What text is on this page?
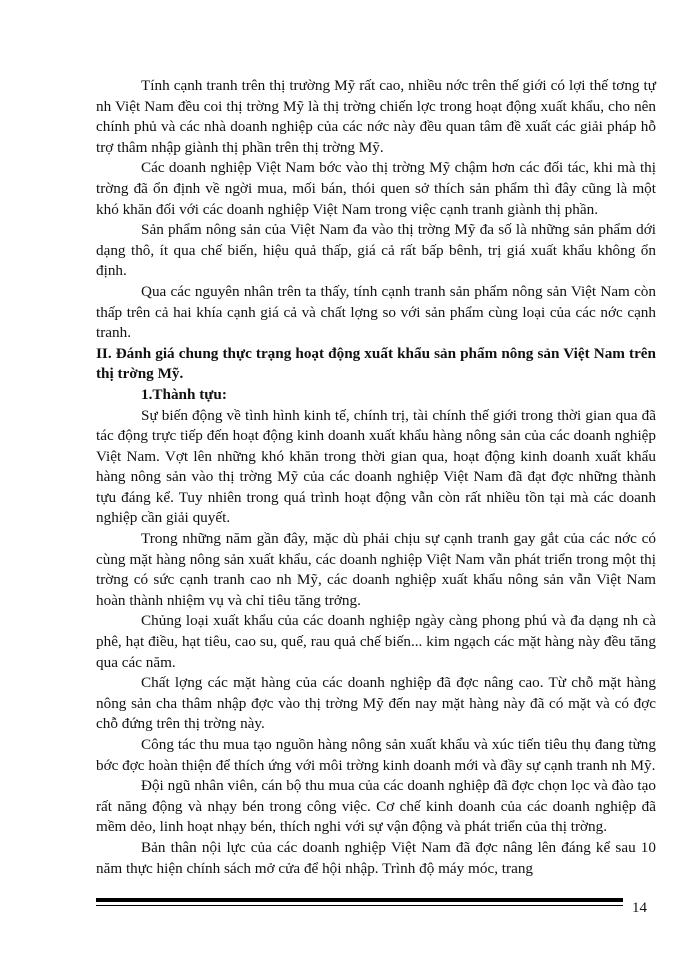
Tính cạnh tranh trên thị trường Mỹ rất cao, nhiều nớc trên thế giới có lợi thế tơng tự nh Việt Nam đều coi thị trờng Mỹ là thị trờng chiến lợc trong hoạt động xuất khẩu, cho nên chính phủ và các nhà doanh nghiệp của các nớc này đều quan tâm đề xuất các giải pháp hỗ trợ thâm nhập giành thị phần trên thị trờng Mỹ.

Các doanh nghiệp Việt Nam bớc vào thị trờng Mỹ chậm hơn các đối tác, khi mà thị trờng đã ổn định về ngời mua, mối bán, thói quen sở thích sản phẩm thì đây cũng là một khó khăn đối với các doanh nghiệp Việt Nam trong việc cạnh tranh giành thị phần.

Sản phẩm nông sản của Việt Nam đa vào thị trờng Mỹ đa số là những sản phẩm dới dạng thô, ít qua chế biến, hiệu quả thấp, giá cả rất bấp bênh, trị giá xuất khẩu không ổn định.

Qua các nguyên nhân trên ta thấy, tính cạnh tranh sản phẩm nông sản Việt Nam còn thấp trên cả hai khía cạnh giá cả và chất lợng so với sản phẩm cùng loại của các nớc cạnh tranh.

II. Đánh giá chung thực trạng hoạt động xuất khẩu sản phẩm nông sản Việt Nam trên thị trờng Mỹ.

1.Thành tựu:

Sự biến động về tình hình kinh tế, chính trị, tài chính thế giới trong thời gian qua đã tác động trực tiếp đến hoạt động kinh doanh xuất khẩu hàng nông sản của các doanh nghiệp Việt Nam. Vợt lên những khó khăn trong thời gian qua, hoạt động kinh doanh xuất khẩu hàng nông sản vào thị trờng Mỹ của các doanh nghiệp Việt Nam đã đạt đợc những thành tựu đáng kể. Tuy nhiên trong quá trình hoạt động vẫn còn rất nhiều tồn tại mà các doanh nghiệp cần giải quyết.

Trong những năm gần đây, mặc dù phải chịu sự cạnh tranh gay gắt của các nớc có cùng mặt hàng nông sản xuất khẩu, các doanh nghiệp Việt Nam vẫn phát triển trong một thị trờng có sức cạnh tranh cao nh Mỹ, các doanh nghiệp xuất khẩu nông sản vẫn Việt Nam hoàn thành nhiệm vụ và chỉ tiêu tăng trởng.

Chủng loại xuất khẩu của các doanh nghiệp ngày càng phong phú và đa dạng nh cà phê, hạt điều, hạt tiêu, cao su, quế, rau quả chế biến... kim ngạch các mặt hàng này đều tăng qua các năm.

Chất lợng các mặt hàng của các doanh nghiệp đã đợc nâng cao. Từ chỗ mặt hàng nông sản cha thâm nhập đợc vào thị trờng Mỹ đến nay mặt hàng này đã có mặt và có đợc chỗ đứng trên thị trờng này.

Công tác thu mua tạo nguồn hàng nông sản xuất khẩu và xúc tiến tiêu thụ đang từng bớc đợc hoàn thiện để thích ứng với môi trờng kinh doanh mới và đầy sự cạnh tranh nh Mỹ.

Đội ngũ nhân viên, cán bộ thu mua của các doanh nghiệp đã đợc chọn lọc và đào tạo rất năng động và nhạy bén trong công việc. Cơ chế kinh doanh của các doanh nghiệp đã mềm dẻo, linh hoạt nhạy bén, thích nghi với sự vận động và phát triển của thị trờng.

Bản thân nội lực của các doanh nghiệp Việt Nam đã đợc nâng lên đáng kể sau 10 năm thực hiện chính sách mở cửa để hội nhập. Trình độ máy móc, trang

14
